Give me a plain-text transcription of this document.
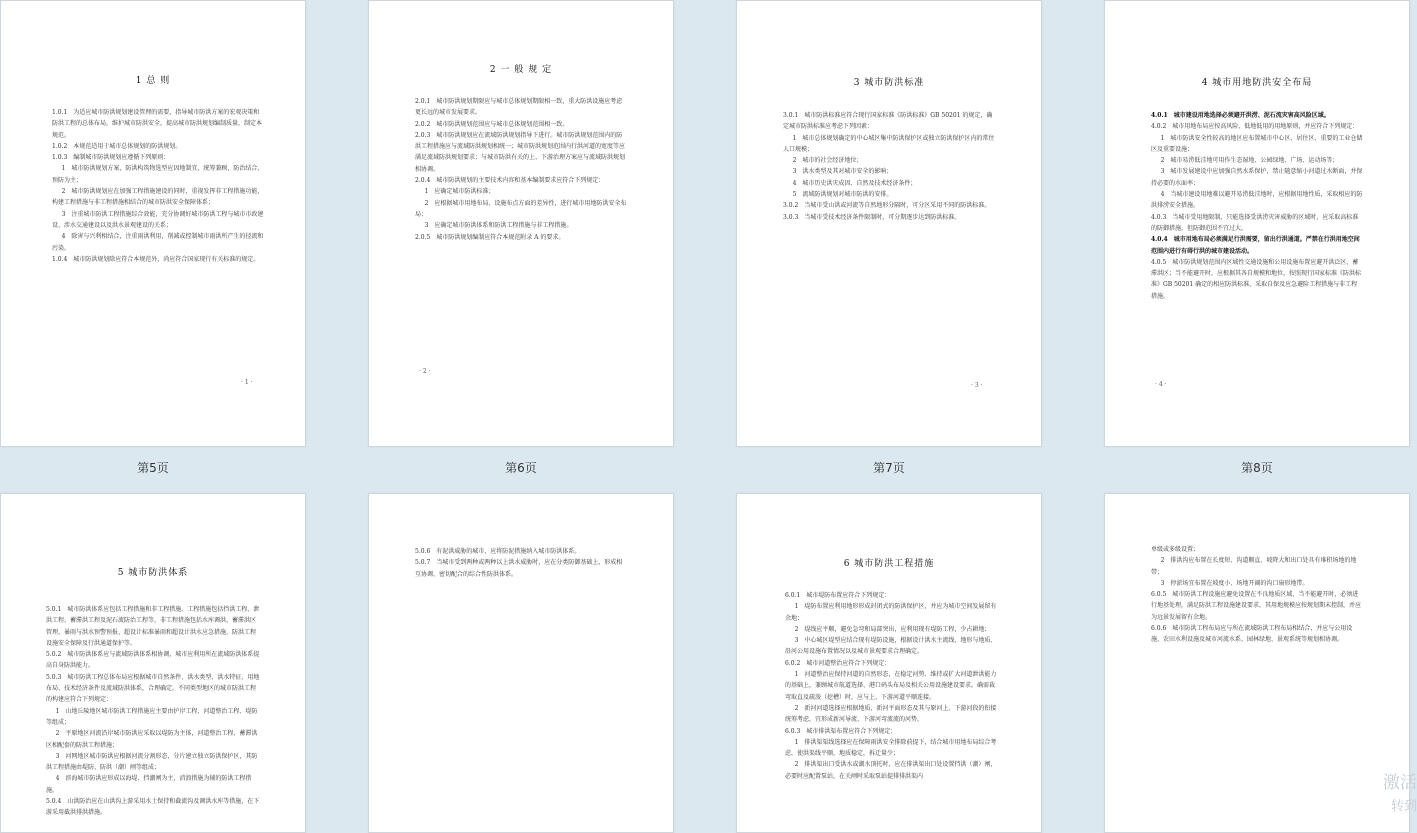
1 总 则

1.0.1　为适应城市防洪规划建设管理的需要，指导城市防洪方案的宏观决策和防洪工程的总体布局，维护城市防洪安全，提高城市防洪规划编制质量，制定本规范。

1.0.2　本规范适用于城市总体规划的防洪规划。

1.0.3　编制城市防洪规划应遵循下列原则：

1　城市防洪规划方案，防洪构筑物选型应因地制宜，统筹兼顾，防治结合、预防为主；

2　城市防洪规划应在加强工程措施建设的同时，重视发挥非工程措施功能，构建工程措施与非工程措施相结合的城市防洪安全保障体系；

3　注重城市防洪工程措施综合效能，充分协调好城市防洪工程与城市市政建设、涉水交通建设以及洪水景观建设的关系；

4　除害与兴利相结合，注重雨洪利用，削减或控制城市雨洪所产生的径流和污染。

1.0.4　城市防洪规划除应符合本规范外，尚应符合国家现行有关标准的规定。

· 1 ·
第5页
2 一 般 规 定

2.0.1　城市防洪规划期限应与城市总体规划期限相一致，重大防洪设施应考虑更长远的城市发展要求。

2.0.2　城市防洪规划范围应与城市总体规划范围相一致。

2.0.3　城市防洪规划应在流域防洪规划指导下进行。城市防洪规划范围内的防洪工程措施应与流域防洪规划相统一；城市防洪规划范围内行洪河道的宽度等应满足流域防洪规划要求；与城市防洪有关的上、下游治理方案应与流域防洪规划相协调。

2.0.4　城市防洪规划的主要技术内容和基本编制要求应符合下列规定：

1　应确定城市防洪标准；

2　应根据城市用地布局、设施布点方面的差异性，进行城市用地防洪安全布局；

3　应确定城市防洪体系和防洪工程措施与非工程措施。

2.0.5　城市防洪规划编制应符合本规范附录 A 的要求。

· 2 ·
第6页
3 城市防洪标准

3.0.1　城市防洪标准应符合现行国家标准《防洪标准》GB 50201 的规定，确定城市防洪标准应考虑下列因素：

1　城市总体规划确定的中心城区集中防洪保护区或独立防洪保护区内的常住人口规模；

2　城市的社会经济地位；

3　洪水类型及其对城市安全的影响；

4　城市历史洪灾成因、自然及技术经济条件；

5　流域防洪规划对城市防洪的安排。

3.0.2　当城市受山洪或河流等自然地形分隔时，可分区采用不同的防洪标准。

3.0.3　当城市受技术经济条件限制时，可分期逐步达到防洪标准。

· 3 ·
第7页
4 城市用地防洪安全布局

4.0.1　城市建设用地选择必须避开洪涝、泥石流灾害高风险区域。

4.0.2　城市用地布局应按高风险、低地低用的用地原则，并应符合下列规定：

1　城市防洪安全性较高的地区应布置城市中心区、居住区、重要的工业仓储区及重要设施；

2　城市易涝低洼地可用作生态湿地、公园绿地、广场、运动场等；

3　城市发展建设中应加强自然水系保护，禁止随意缩小河道过水断面，并保持必要的水面率；

4　当城市建设用地难以避开易涝低洼地时，应根据用地性质，采取相应的防洪排涝安全措施。

4.0.3　当城市受用地限制，只能选择受洪涝灾害威胁的区域时，应采取高标准的防御措施，但防御范围不宜过大。

4.0.4　城市用地布局必须满足行洪需要，留出行洪通道。严禁在行洪用地空间范围内进行有碍行洪的城市建设活动。

4.0.5　城市防洪规划范围内区域性交通设施和公用设施布置应避开洪泛区、蓄滞洪区；当不能避开时，应根据其各自规模和地位，按照现行国家标准《防洪标准》GB 50201 确定的相应防洪标准，采取自保及应急避险工程措施与非工程措施。

· 4 ·
第8页
5 城市防洪体系

5.0.1　城市防洪体系应包括工程措施和非工程措施。工程措施包括挡洪工程、泄洪工程、蓄滞洪工程及泥石流防治工程等，非工程措施包括水库调洪、蓄滞洪区管理、暴雨与洪水预警预报、超设计标准暴雨和超设计洪水应急措施、防洪工程设施安全保障及行洪通道保护等。

5.0.2　城市防洪体系应与流域防洪体系相协调，城市应利用所在流域防洪体系提高自身防洪能力。

5.0.3　城市防洪工程总体布局应根据城市自然条件、洪水类型、洪水特征、用地布局、技术经济条件及流域防洪体系，合理确定。不同类型地区的城市防洪工程的构建应符合下列规定：

1　山地丘陵地区城市防洪工程措施应主要由护岸工程、河道整治工程、堤防等组成；

2　平原地区河流沿岸城市防洪应采取以堤防为主体，河道整治工程、蓄滞洪区相配套的防洪工程措施；

3　河网地区城市防洪应根据河流分割形态，分片建立独立防洪保护区，其防洪工程措施由堤防、防洪（潮）闸等组成；

4　滨海城市防洪应形成以海堤、挡潮闸为主，消浪措施为辅的防洪工程措施。

5.0.4　山洪防治应在山洪沟上游采用水土保持和截流沟及调洪水库等措施，在下游采用截洪排洪措施。

5.0.6　有泥洪威胁的城市，应将防泥措施纳入城市防洪体系。

5.0.7　当城市受到两种或两种以上洪水威胁时，应在分类防御基础上，形成相互协调、密切配合的综合性防洪体系。

6 城市防洪工程措施

6.0.1　城市堤防布置应符合下列规定：

1　堤防布置应利用地形形成封闭式的防洪保护区，并应为城市空间发展留有余地；

2　堤线应平顺，避免急弯和局部突出，应利用现有堤防工程，少占耕地；

3　中心城区堤型应结合现有堤防设施，根据设计洪水主流线、地形与地质、沿河公用设施布置情况以及城市景观要求合理确定。

6.0.2　城市河道整治应符合下列规定：

1　河道整治应保持河道的自然形态，在稳定河势、维持或扩大河道泄洪能力的基础上，兼顾城市航道选择、港口码头布局及相关公用设施建设要求。确需裁弯取直及疏浚（挖槽）时，应与上、下游河道平顺连接。

2　新河河道选择应根据地质、新河平面形态及其与原河上、下游河段的衔接统筹考虑，宜形成新河导流、下游河弯流流的河势。

6.0.3　城市排洪渠布置应符合下列规定：

1　排洪渠渠线选择应在保障雨洪安全排除前提下，结合城市用地布局综合考虑，使洪渠线平顺，地质稳定，拆迁量少；

2　排洪渠出口受洪水或潮水顶托时，应在排洪渠出口处设置挡洪（潮）闸，必要时应配置泵站，在关闸时采取泵站提排排洪渠内

单级或多级设置；

2　排洪沟应布置在长度短、沟道顺直、坡降大和出口处具有堆积场地的地带；

3　停淤场宜布置在坡度小、场地开阔的沟口扇形地带。

6.0.5　城市防洪工程设施应避免设置在不良地质区域，当不能避开时，必须进行地基处理，满足防洪工程设施建设要求，其用地规模应按规划期末控制，并应为远景发展留有余地。

6.0.6　城市防洪工程布局应与所在流域防洪工程布局相结合，并应与公用设施、农田水利设施及城市河流水系、园林绿地、景观系统等规划相协调。

激活
转到
